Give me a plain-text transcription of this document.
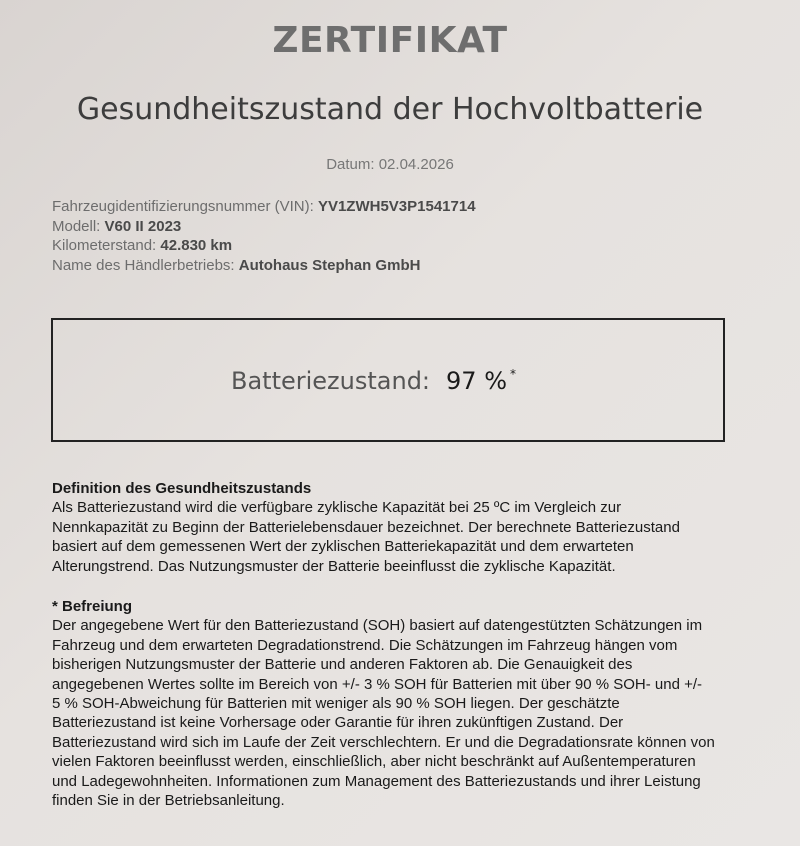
ZERTIFIKAT
Gesundheitszustand der Hochvoltbatterie
Datum: 02.04.2026
Fahrzeugidentifizierungsnummer (VIN): YV1ZWH5V3P1541714
Modell: V60 II 2023
Kilometerstand: 42.830 km
Name des Händlerbetriebs: Autohaus Stephan GmbH
Batteriezustand: 97 % *
Definition des Gesundheitszustands

Als Batteriezustand wird die verfügbare zyklische Kapazität bei 25 ºC im Vergleich zur

Nennkapazität zu Beginn der Batterielebensdauer bezeichnet. Der berechnete Batteriezustand

basiert auf dem gemessenen Wert der zyklischen Batteriekapazität und dem erwarteten

Alterungstrend. Das Nutzungsmuster der Batterie beeinflusst die zyklische Kapazität.

* Befreiung

Der angegebene Wert für den Batteriezustand (SOH) basiert auf datengestützten Schätzungen im

Fahrzeug und dem erwarteten Degradationstrend. Die Schätzungen im Fahrzeug hängen vom

bisherigen Nutzungsmuster der Batterie und anderen Faktoren ab. Die Genauigkeit des

angegebenen Wertes sollte im Bereich von +/- 3 % SOH für Batterien mit über 90 % SOH- und +/-

5 % SOH-Abweichung für Batterien mit weniger als 90 % SOH liegen. Der geschätzte

Batteriezustand ist keine Vorhersage oder Garantie für ihren zukünftigen Zustand. Der

Batteriezustand wird sich im Laufe der Zeit verschlechtern. Er und die Degradationsrate können von

vielen Faktoren beeinflusst werden, einschließlich, aber nicht beschränkt auf Außentemperaturen

und Ladegewohnheiten. Informationen zum Management des Batteriezustands und ihrer Leistung

finden Sie in der Betriebsanleitung.
